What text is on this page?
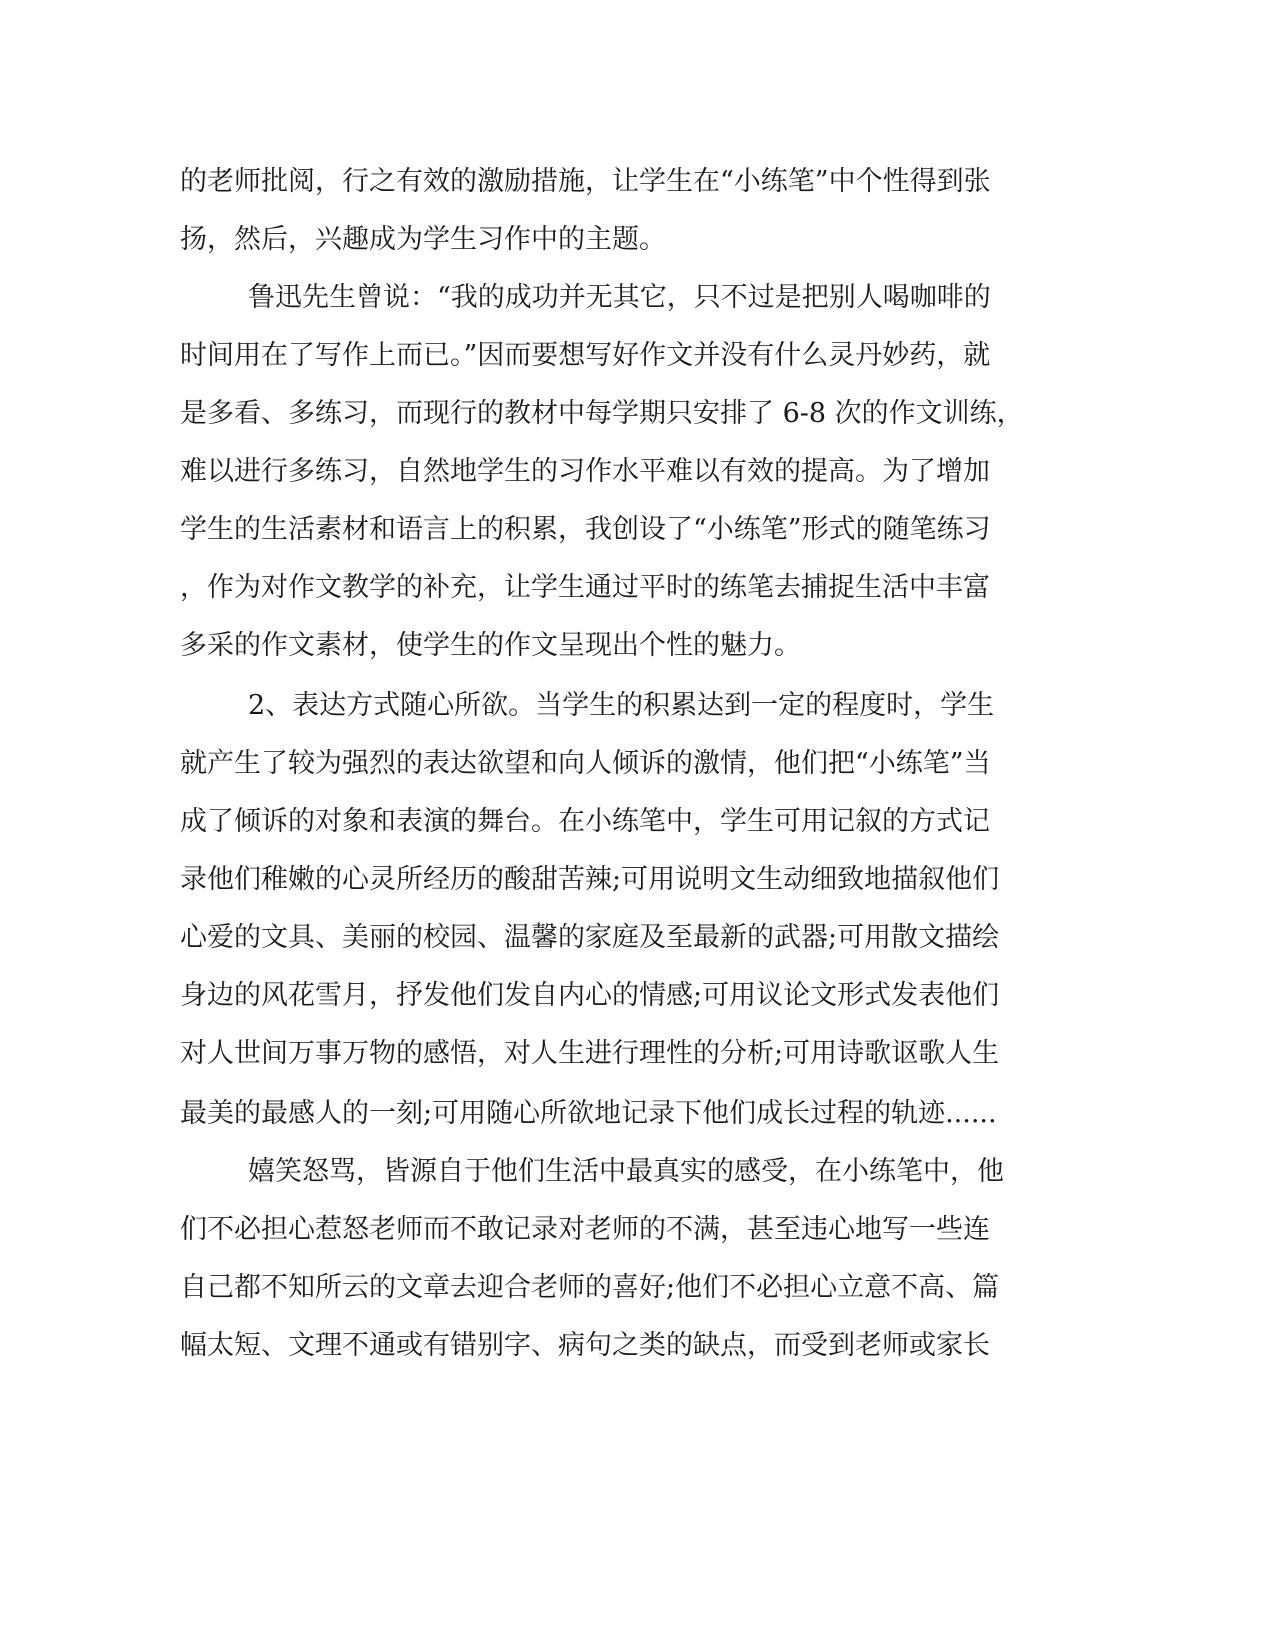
的老师批阅，行之有效的激励措施，让学生在“小练笔”中个性得到张
扬，然后，兴趣成为学生习作中的主题。
鲁迅先生曾说：“我的成功并无其它，只不过是把别人喝咖啡的
时间用在了写作上而已。”因而要想写好作文并没有什么灵丹妙药，就
是多看、多练习，而现行的教材中每学期只安排了 6-8 次的作文训练，
难以进行多练习，自然地学生的习作水平难以有效的提高。为了增加
学生的生活素材和语言上的积累，我创设了“小练笔”形式的随笔练习
，作为对作文教学的补充，让学生通过平时的练笔去捕捉生活中丰富
多采的作文素材，使学生的作文呈现出个性的魅力。
2、表达方式随心所欲。当学生的积累达到一定的程度时，学生
就产生了较为强烈的表达欲望和向人倾诉的激情，他们把“小练笔”当
成了倾诉的对象和表演的舞台。在小练笔中，学生可用记叙的方式记
录他们稚嫩的心灵所经历的酸甜苦辣;可用说明文生动细致地描叙他们
心爱的文具、美丽的校园、温馨的家庭及至最新的武器;可用散文描绘
身边的风花雪月，抒发他们发自内心的情感;可用议论文形式发表他们
对人世间万事万物的感悟，对人生进行理性的分析;可用诗歌讴歌人生
最美的最感人的一刻;可用随心所欲地记录下他们成长过程的轨迹......
嬉笑怒骂，皆源自于他们生活中最真实的感受，在小练笔中，他
们不必担心惹怒老师而不敢记录对老师的不满，甚至违心地写一些连
自己都不知所云的文章去迎合老师的喜好;他们不必担心立意不高、篇
幅太短、文理不通或有错别字、病句之类的缺点，而受到老师或家长
